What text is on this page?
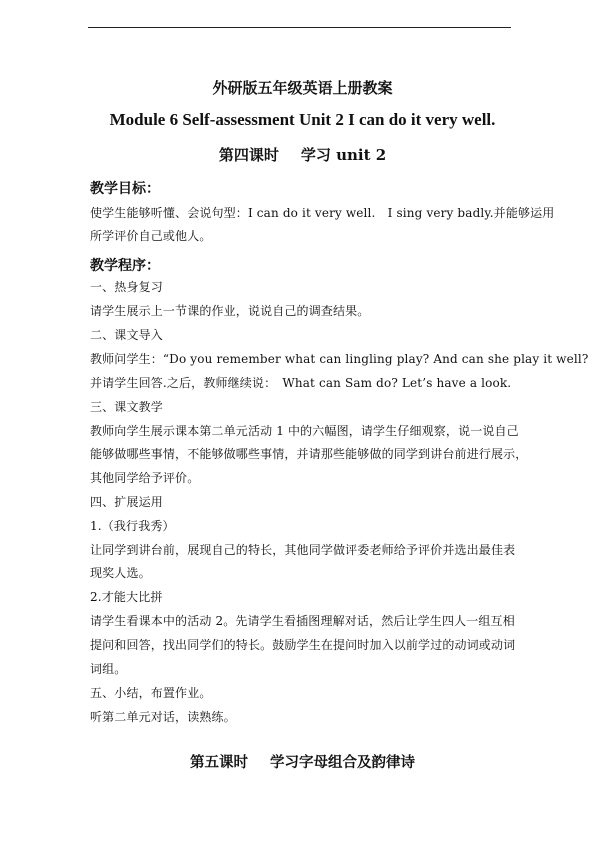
外研版五年级英语上册教案
Module 6 Self-assessment Unit 2 I can do it very well.
第四课时 学习 unit 2
教学目标：
使学生能够听懂、会说句型：I can do it very well.　I sing very badly.并能够运用
所学评价自己或他人。
教学程序：
一、热身复习
请学生展示上一节课的作业，说说自己的调查结果。
二、课文导入
教师问学生：“Do you remember what can lingling play? And can she play it well?
并请学生回答.之后，教师继续说：　What can Sam do? Let’s have a look.
三、课文教学
教师向学生展示课本第二单元活动 1 中的六幅图，请学生仔细观察，说一说自己
能够做哪些事情，不能够做哪些事情，并请那些能够做的同学到讲台前进行展示，
其他同学给予评价。
四、扩展运用
1.（我行我秀）
让同学到讲台前，展现自己的特长，其他同学做评委老师给予评价并选出最佳表
现奖人选。
2.才能大比拼
请学生看课本中的活动 2。先请学生看插图理解对话，然后让学生四人一组互相
提问和回答，找出同学们的特长。鼓励学生在提问时加入以前学过的动词或动词
词组。
五、小结，布置作业。
听第二单元对话，读熟练。
第五课时 学习字母组合及韵律诗
